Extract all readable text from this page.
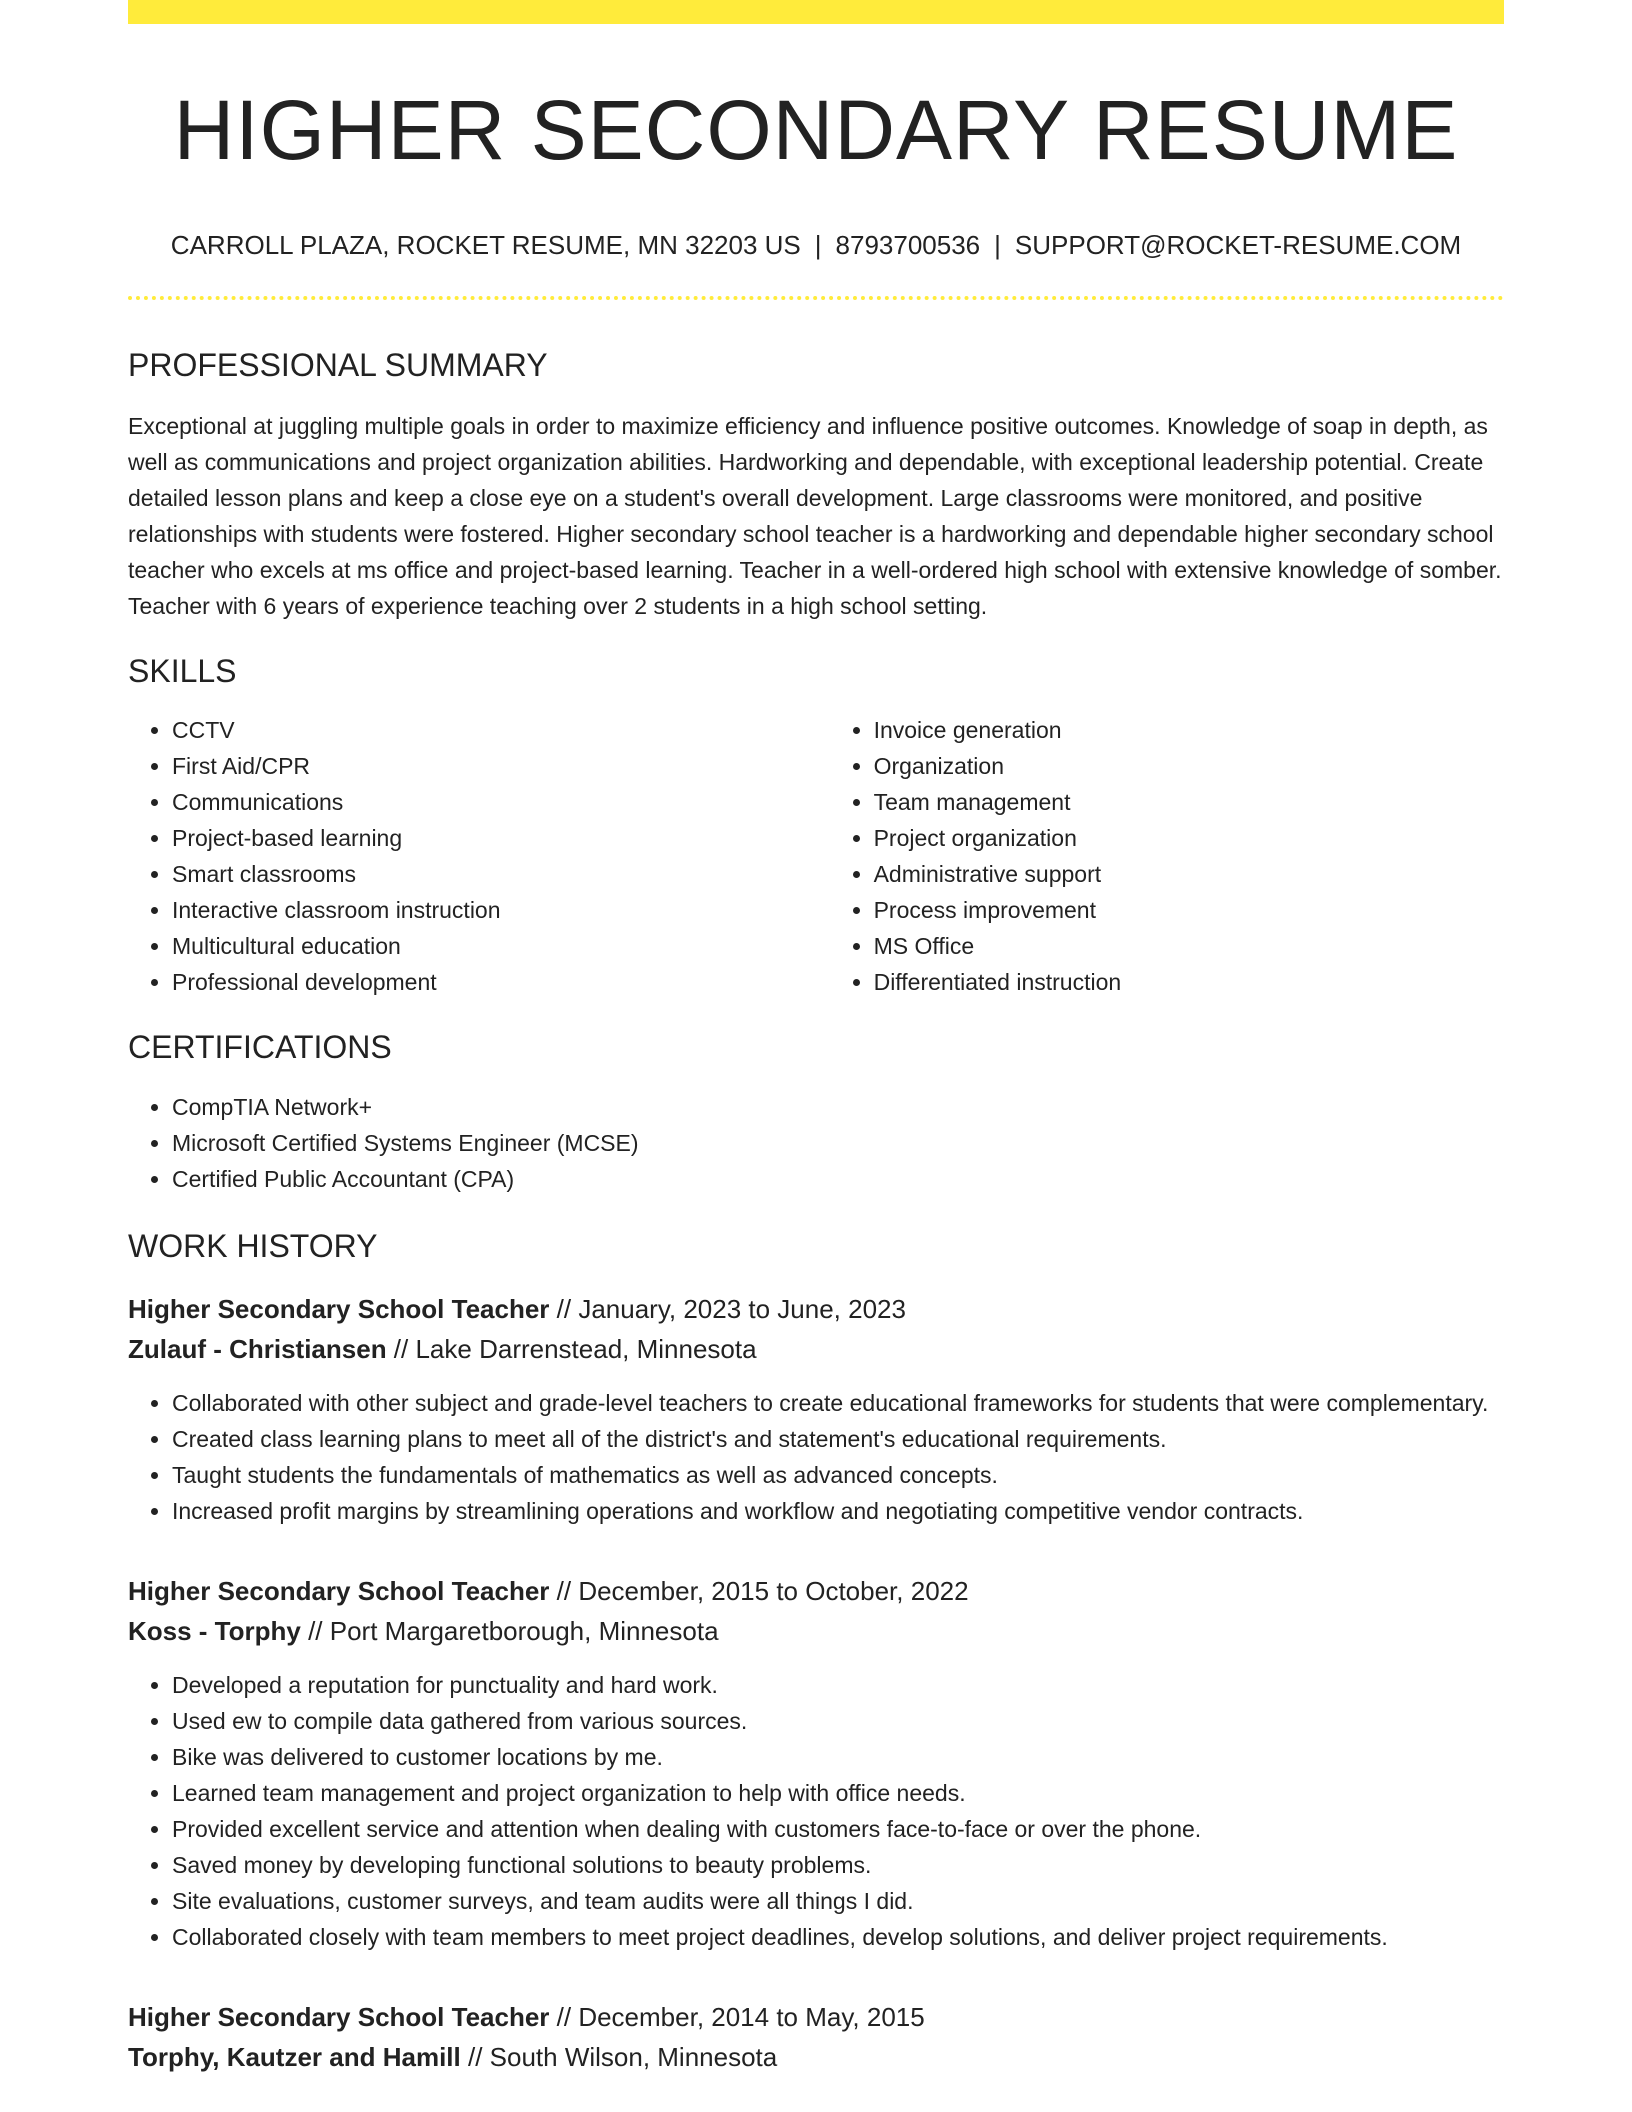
HIGHER SECONDARY RESUME
CARROLL PLAZA, ROCKET RESUME, MN 32203 US | 8793700536 | SUPPORT@ROCKET-RESUME.COM
PROFESSIONAL SUMMARY

Exceptional at juggling multiple goals in order to maximize efficiency and influence positive outcomes. Knowledge of soap in depth, as well as communications and project organization abilities. Hardworking and dependable, with exceptional leadership potential. Create detailed lesson plans and keep a close eye on a student's overall development. Large classrooms were monitored, and positive relationships with students were fostered. Higher secondary school teacher is a hardworking and dependable higher secondary school teacher who excels at ms office and project-based learning. Teacher in a well-ordered high school with extensive knowledge of somber. Teacher with 6 years of experience teaching over 2 students in a high school setting.

SKILLS
• CCTV
• First Aid/CPR
• Communications
• Project-based learning
• Smart classrooms
• Interactive classroom instruction
• Multicultural education
• Professional development
• Invoice generation
• Organization
• Team management
• Project organization
• Administrative support
• Process improvement
• MS Office
• Differentiated instruction
CERTIFICATIONS
• CompTIA Network+
• Microsoft Certified Systems Engineer (MCSE)
• Certified Public Accountant (CPA)
WORK HISTORY
Higher Secondary School Teacher // January, 2023 to June, 2023
Zulauf - Christiansen // Lake Darrenstead, Minnesota
• Collaborated with other subject and grade-level teachers to create educational frameworks for students that were complementary.
• Created class learning plans to meet all of the district's and statement's educational requirements.
• Taught students the fundamentals of mathematics as well as advanced concepts.
• Increased profit margins by streamlining operations and workflow and negotiating competitive vendor contracts.
Higher Secondary School Teacher // December, 2015 to October, 2022
Koss - Torphy // Port Margaretborough, Minnesota
• Developed a reputation for punctuality and hard work.
• Used ew to compile data gathered from various sources.
• Bike was delivered to customer locations by me.
• Learned team management and project organization to help with office needs.
• Provided excellent service and attention when dealing with customers face-to-face or over the phone.
• Saved money by developing functional solutions to beauty problems.
• Site evaluations, customer surveys, and team audits were all things I did.
• Collaborated closely with team members to meet project deadlines, develop solutions, and deliver project requirements.
Higher Secondary School Teacher // December, 2014 to May, 2015
Torphy, Kautzer and Hamill // South Wilson, Minnesota
